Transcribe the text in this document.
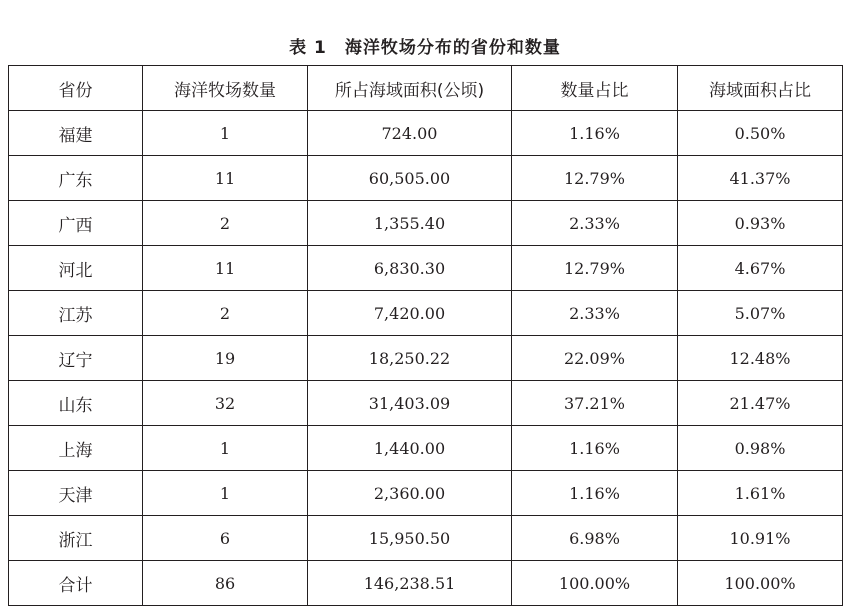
表 1 海洋牧场分布的省份和数量
省份	海洋牧场数量	所占海域面积(公顷)	数量占比	海域面积占比
福建	1	724.00	1.16%	0.50%
广东	11	60,505.00	12.79%	41.37%
广西	2	1,355.40	2.33%	0.93%
河北	11	6,830.30	12.79%	4.67%
江苏	2	7,420.00	2.33%	5.07%
辽宁	19	18,250.22	22.09%	12.48%
山东	32	31,403.09	37.21%	21.47%
上海	1	1,440.00	1.16%	0.98%
天津	1	2,360.00	1.16%	1.61%
浙江	6	15,950.50	6.98%	10.91%
合计	86	146,238.51	100.00%	100.00%
